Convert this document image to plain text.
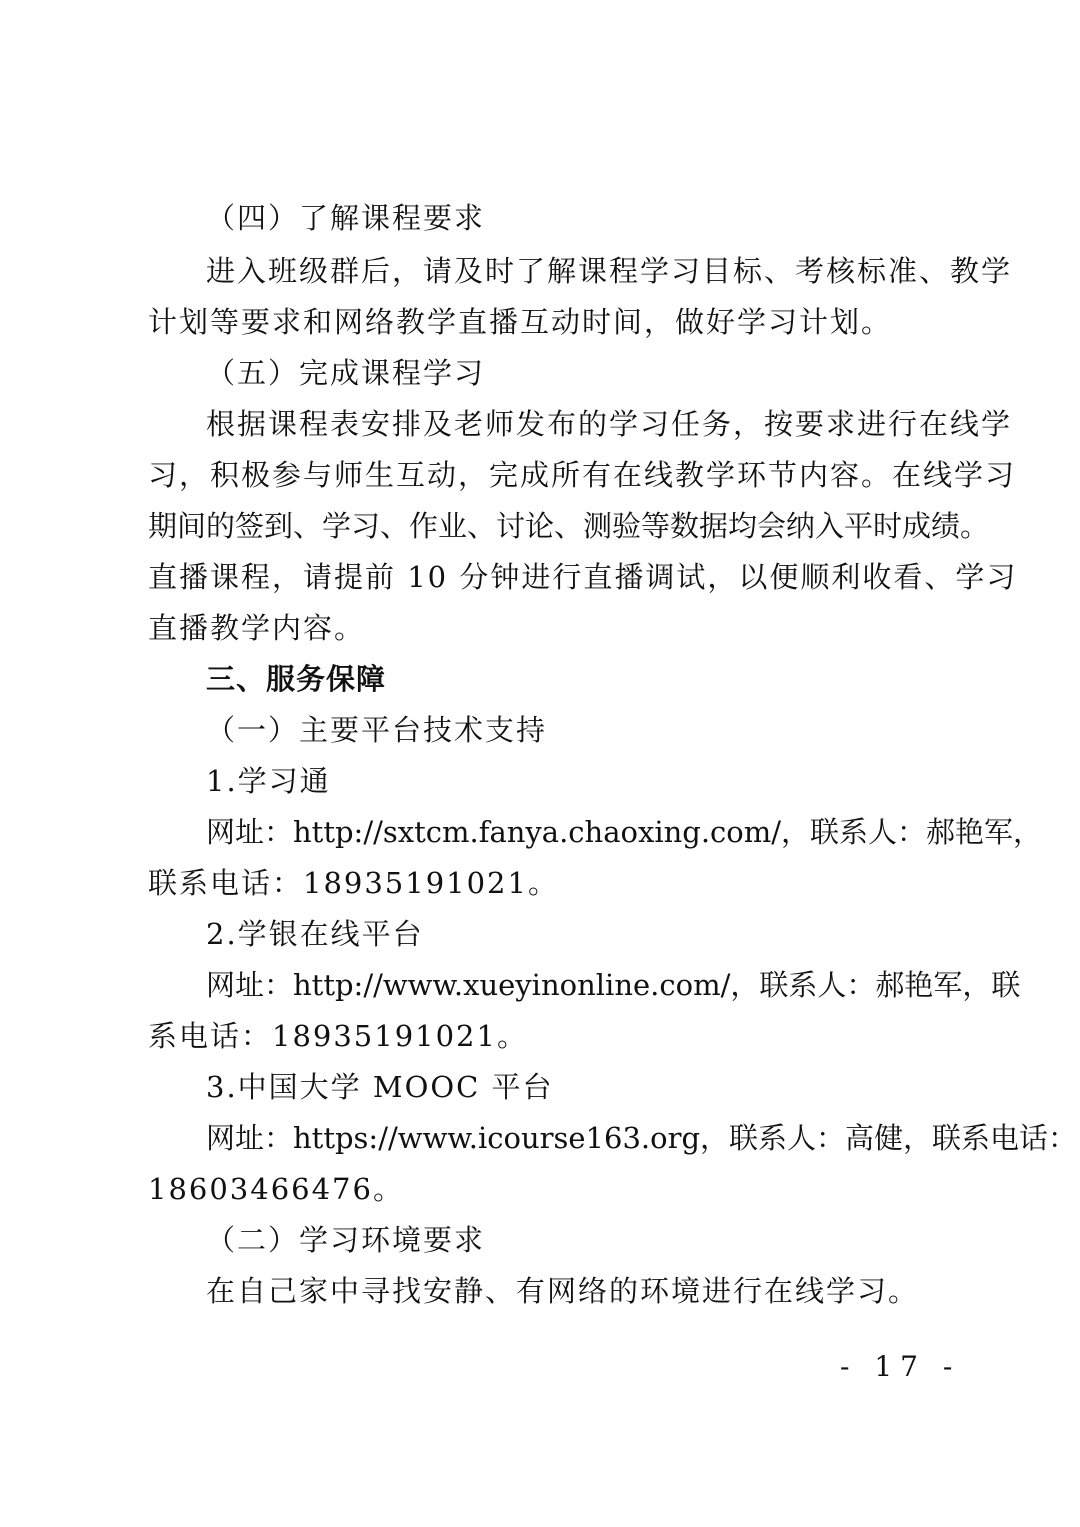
（四）了解课程要求
进入班级群后，请及时了解课程学习目标、考核标准、教学
计划等要求和网络教学直播互动时间，做好学习计划。
（五）完成课程学习
根据课程表安排及老师发布的学习任务，按要求进行在线学
习，积极参与师生互动，完成所有在线教学环节内容。在线学习
期间的签到、学习、作业、讨论、测验等数据均会纳入平时成绩。
直播课程，请提前 10 分钟进行直播调试，以便顺利收看、学习
直播教学内容。
三、服务保障
（一）主要平台技术支持
1.学习通
网址：http://sxtcm.fanya.chaoxing.com/，联系人：郝艳军，
联系电话：18935191021。
2.学银在线平台
网址：http://www.xueyinonline.com/，联系人：郝艳军，联
系电话：18935191021。
3.中国大学 MOOC 平台
网址：https://www.icourse163.org，联系人：高健，联系电话：
18603466476。
（二）学习环境要求
在自己家中寻找安静、有网络的环境进行在线学习。
- 17 -
